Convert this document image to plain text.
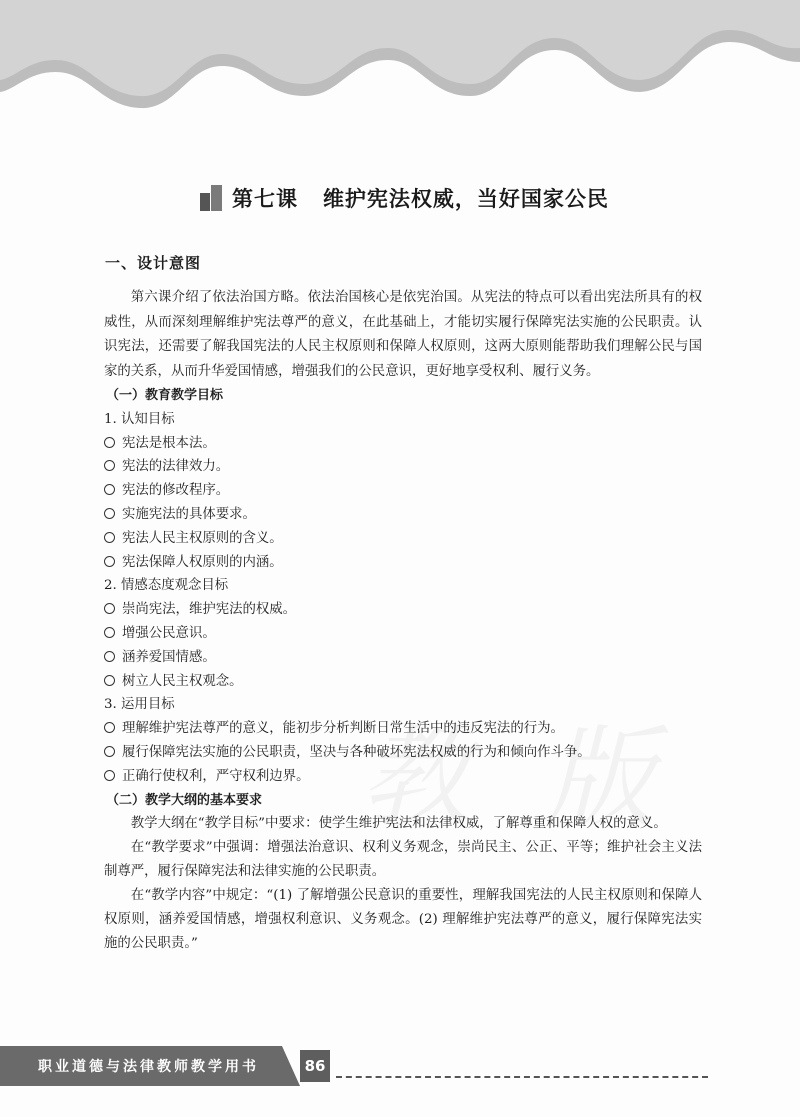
第七课
维护宪法权威，当好国家公民
一、设计意图

第六课介绍了依法治国方略。依法治国核心是依宪治国。从宪法的特点可以看出宪法所具有的权威性，从而深刻理解维护宪法尊严的意义，在此基础上，才能切实履行保障宪法实施的公民职责。认识宪法，还需要了解我国宪法的人民主权原则和保障人权原则，这两大原则能帮助我们理解公民与国家的关系，从而升华爱国情感，增强我们的公民意识，更好地享受权利、履行义务。

（一）教育教学目标

1. 认知目标

宪法是根本法。

宪法的法律效力。

宪法的修改程序。

实施宪法的具体要求。

宪法人民主权原则的含义。

宪法保障人权原则的内涵。

2. 情感态度观念目标

崇尚宪法，维护宪法的权威。

增强公民意识。

涵养爱国情感。

树立人民主权观念。

3. 运用目标

理解维护宪法尊严的意义，能初步分析判断日常生活中的违反宪法的行为。

履行保障宪法实施的公民职责，坚决与各种破坏宪法权威的行为和倾向作斗争。

正确行使权利，严守权利边界。

（二）教学大纲的基本要求

教学大纲在“教学目标”中要求：使学生维护宪法和法律权威，了解尊重和保障人权的意义。

在“教学要求”中强调：增强法治意识、权利义务观念，崇尚民主、公正、平等；维护社会主义法制尊严，履行保障宪法和法律实施的公民职责。

在“教学内容”中规定：“(1) 了解增强公民意识的重要性，理解我国宪法的人民主权原则和保障人权原则，涵养爱国情感，增强权利意识、义务观念。(2) 理解维护宪法尊严的意义，履行保障宪法实施的公民职责。”

职业道德与法律教师教学用书	86
